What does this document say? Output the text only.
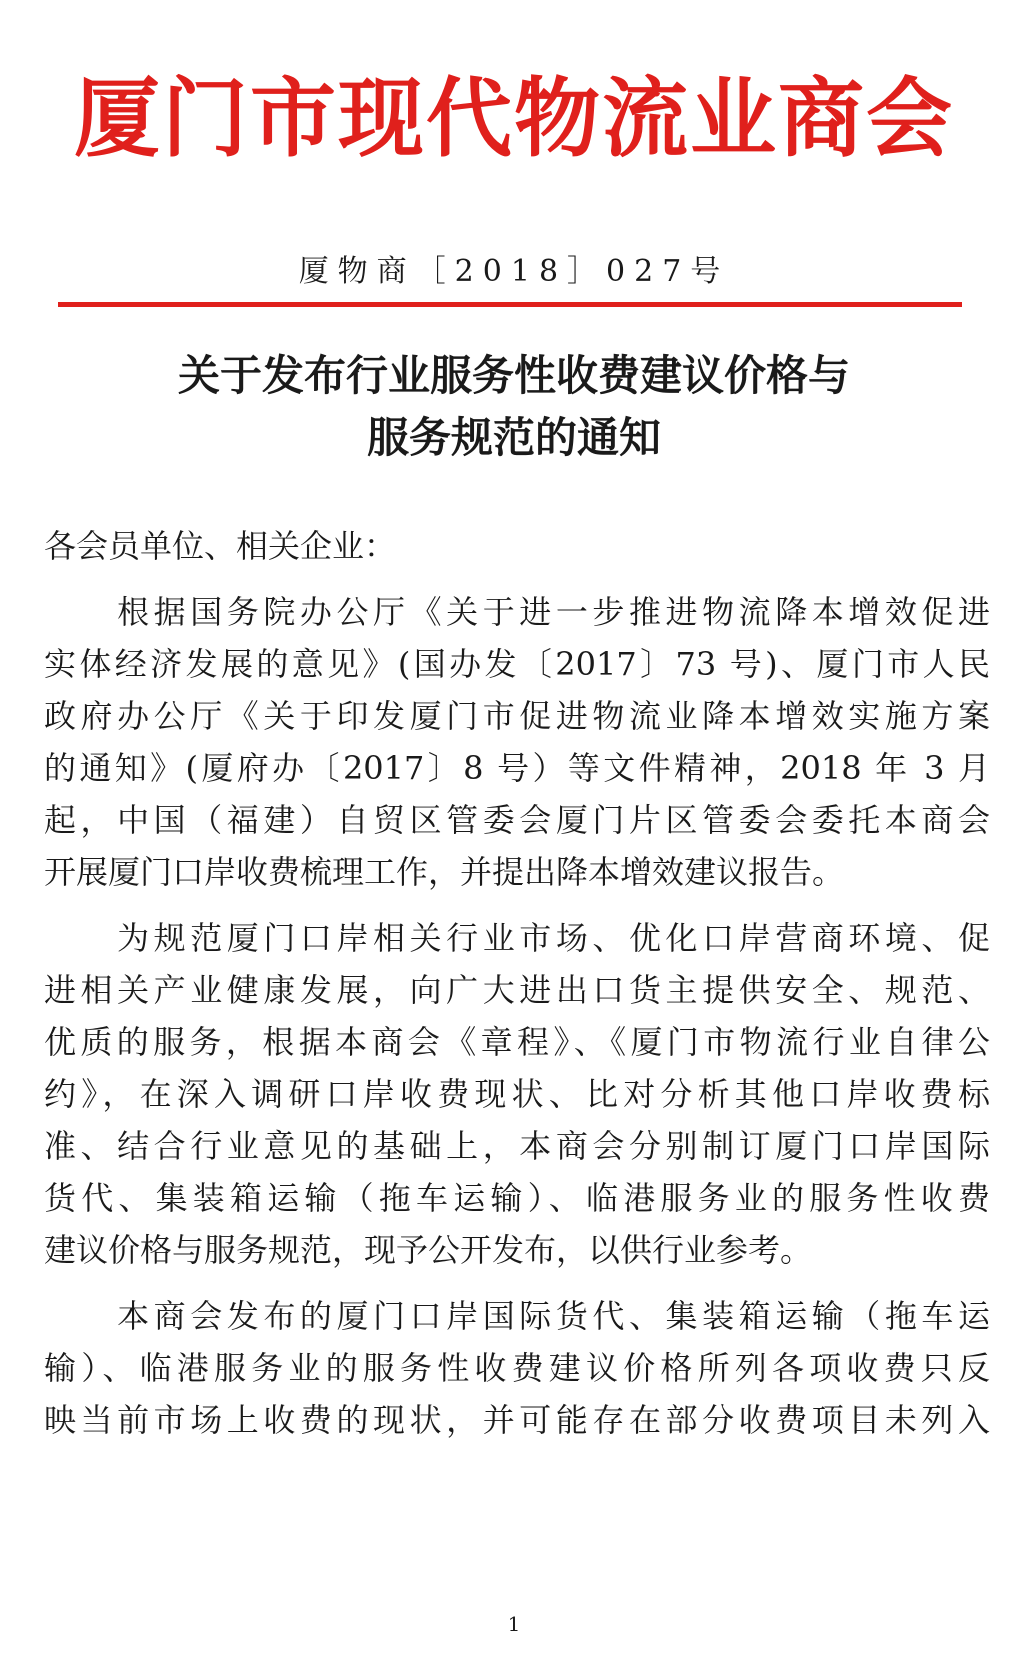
厦门市现代物流业商会
厦物商［2018］027号
关于发布行业服务性收费建议价格与
服务规范的通知
各会员单位、相关企业：
　　根据国务院办公厅《关于进一步推进物流降本增效促进
实体经济发展的意见》(国办发〔2017〕73 号)、厦门市人民
政府办公厅《关于印发厦门市促进物流业降本增效实施方案
的通知》(厦府办〔2017〕8 号）等文件精神，2018 年 3 月
起，中国（福建）自贸区管委会厦门片区管委会委托本商会
开展厦门口岸收费梳理工作，并提出降本增效建议报告。
　　为规范厦门口岸相关行业市场、优化口岸营商环境、促
进相关产业健康发展，向广大进出口货主提供安全、规范、
优质的服务，根据本商会《章程》、《厦门市物流行业自律公
约》，在深入调研口岸收费现状、比对分析其他口岸收费标
准、结合行业意见的基础上，本商会分别制订厦门口岸国际
货代、集装箱运输（拖车运输）、临港服务业的服务性收费
建议价格与服务规范，现予公开发布，以供行业参考。
　　本商会发布的厦门口岸国际货代、集装箱运输（拖车运
输）、临港服务业的服务性收费建议价格所列各项收费只反
映当前市场上收费的现状，并可能存在部分收费项目未列入
1
